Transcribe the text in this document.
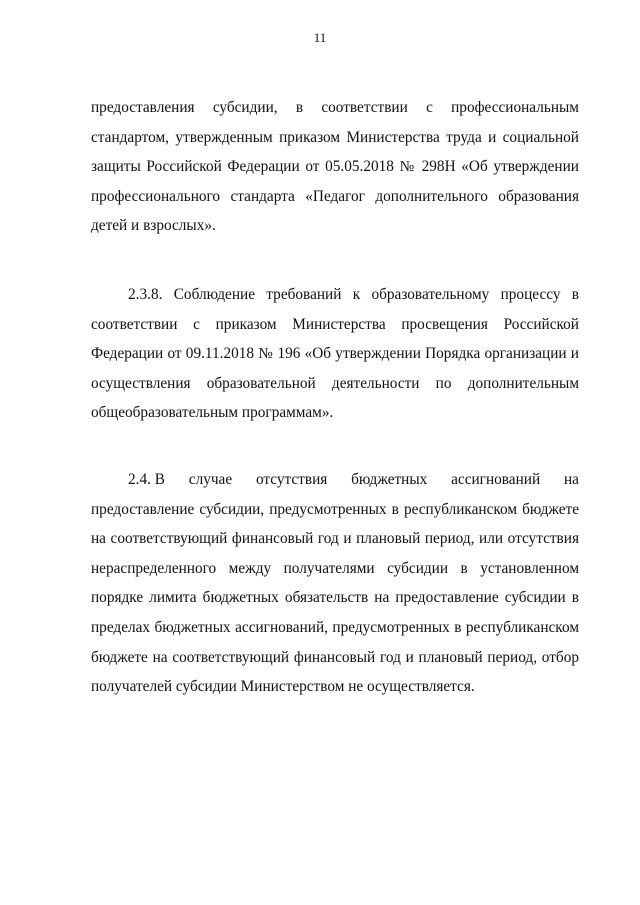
11
предоставления субсидии, в соответствии с профессиональным
стандартом, утвержденным приказом Министерства труда и социальной
защиты Российской Федерации от 05.05.2018 № 298Н «Об утверждении
профессионального стандарта «Педагог дополнительного образования
детей и взрослых».
2.3.8. Соблюдение требований к образовательному процессу в
соответствии с приказом Министерства просвещения Российской
Федерации от 09.11.2018 № 196 «Об утверждении Порядка организации и
осуществления образовательной деятельности по дополнительным
общеобразовательным программам».
2.4. В случае отсутствия бюджетных ассигнований на
предоставление субсидии, предусмотренных в республиканском бюджете
на соответствующий финансовый год и плановый период, или отсутствия
нераспределенного между получателями субсидии в установленном
порядке лимита бюджетных обязательств на предоставление субсидии в
пределах бюджетных ассигнований, предусмотренных в республиканском
бюджете на соответствующий финансовый год и плановый период, отбор
получателей субсидии Министерством не осуществляется.
